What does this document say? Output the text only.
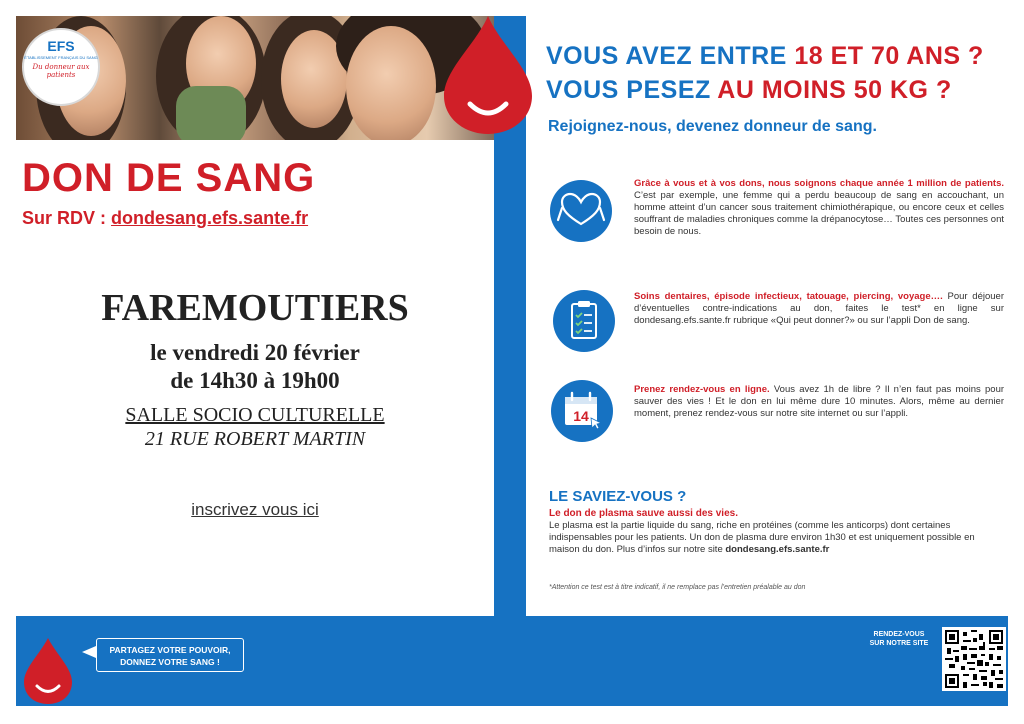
EFS
ÉTABLISSEMENT FRANÇAIS DU SANG
Du donneur aux patients
DON DE SANG
Sur RDV : dondesang.efs.sante.fr
FAREMOUTIERS
le vendredi 20 février
de 14h30 à 19h00
SALLE SOCIO CULTURELLE
21 RUE ROBERT MARTIN
inscrivez vous ici
VOUS AVEZ ENTRE 18 ET 70 ANS ?
VOUS PESEZ AU MOINS 50 KG ?
Rejoignez-nous, devenez donneur de sang.
Grâce à vous et à vos dons, nous soignons chaque année 1 million de patients. C’est par exemple, une femme qui a perdu beaucoup de sang en accouchant, un homme atteint d’un cancer sous traitement chimiothérapique, ou encore ceux et celles souffrant de maladies chroniques comme la drépanocytose… Toutes ces personnes ont besoin de nous.
Soins dentaires, épisode infectieux, tatouage, piercing, voyage…. Pour déjouer d’éventuelles contre-indications au don, faites le test* en ligne sur dondesang.efs.sante.fr rubrique «Qui peut donner?» ou sur l’appli Don de sang.
14
Prenez rendez-vous en ligne. Vous avez 1h de libre ? Il n’en faut pas moins pour sauver des vies ! Et le don en lui même dure 10 minutes. Alors, même au dernier moment, prenez rendez-vous sur notre site internet ou sur l’appli.
LE SAVIEZ-VOUS ?
Le don de plasma sauve aussi des vies.
Le plasma est la partie liquide du sang, riche en protéines (comme les anticorps) dont certaines indispensables pour les patients. Un don de plasma dure environ 1h30 et est uniquement possible en maison du don. Plus d’infos sur notre site dondesang.efs.sante.fr
*Attention ce test est à titre indicatif, il ne remplace pas l’entretien préalable au don
PARTAGEZ VOTRE POUVOIR,
DONNEZ VOTRE SANG !
RENDEZ-VOUS
SUR NOTRE SITE
